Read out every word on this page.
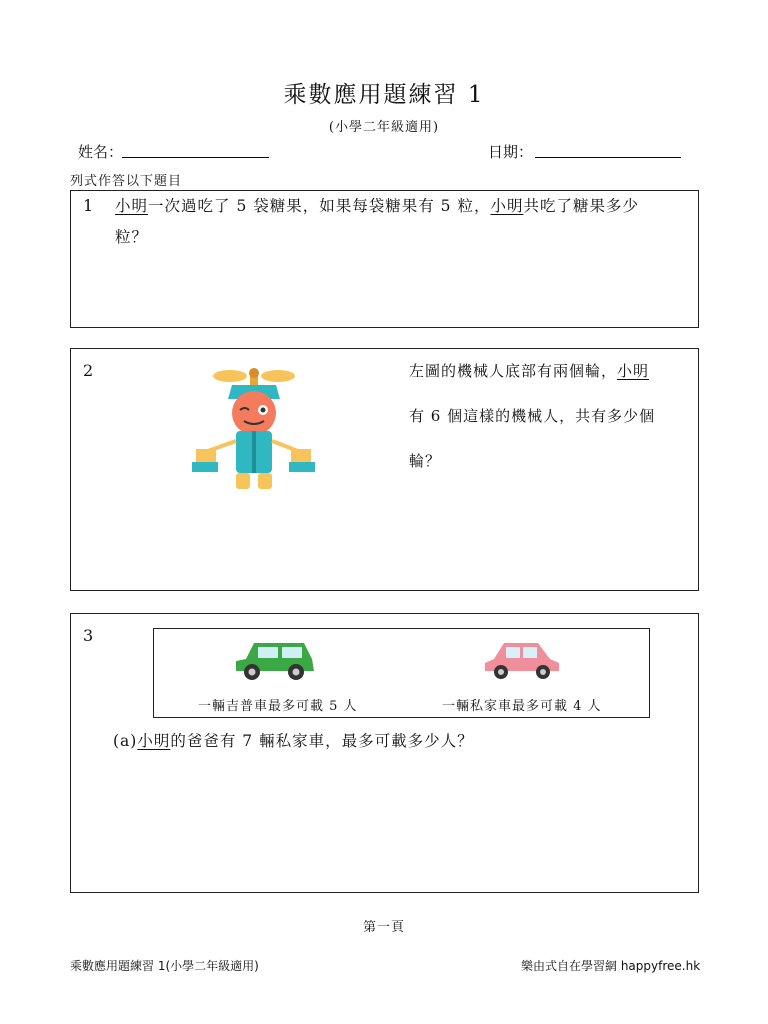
乘數應用題練習 1
(小學二年級適用)
姓名：	日期：
列式作答以下題目
1 小明一次過吃了 5 袋糖果，如果每袋糖果有 5 粒，小明共吃了糖果多少
粒？
2	左圖的機械人底部有兩個輪，小明
有 6 個這樣的機械人，共有多少個
輪？
3
一輛吉普車最多可載 5 人	一輛私家車最多可載 4 人
(a)小明的爸爸有 7 輛私家車，最多可載多少人？
第一頁
乘數應用題練習 1(小學二年級適用)	樂由式自在學習網 happyfree.hk
